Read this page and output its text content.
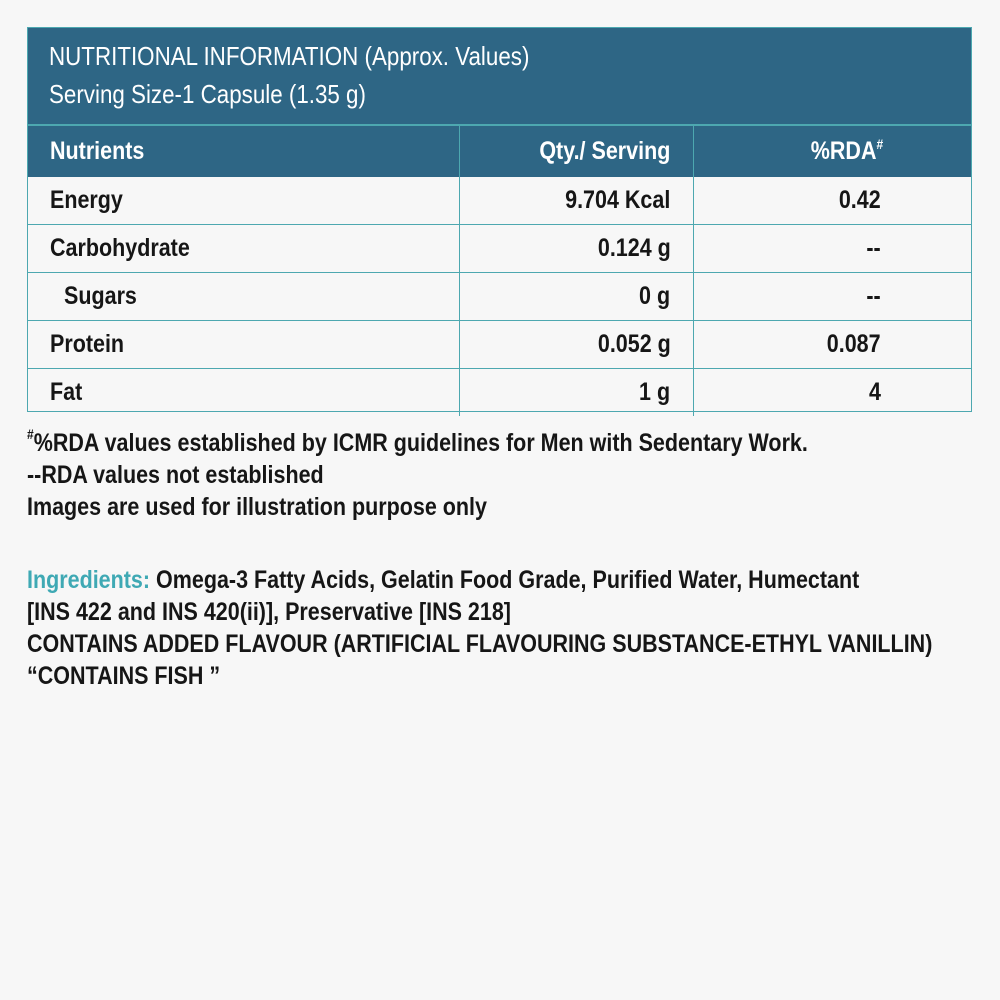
NUTRITIONAL INFORMATION (Approx. Values)
Serving Size-1 Capsule (1.35 g)
Nutrients	Qty./ Serving	%RDA#
Energy	9.704 Kcal	0.42
Carbohydrate	0.124 g	--
Sugars	0 g	--
Protein	0.052 g	0.087
Fat	1 g	4
#%RDA values established by ICMR guidelines for Men with Sedentary Work.
--RDA values not established
Images are used for illustration purpose only
Ingredients: Omega-3 Fatty Acids, Gelatin Food Grade, Purified Water, Humectant
[INS 422 and INS 420(ii)], Preservative [INS 218]
CONTAINS ADDED FLAVOUR (ARTIFICIAL FLAVOURING SUBSTANCE-ETHYL VANILLIN)
“CONTAINS FISH ”
